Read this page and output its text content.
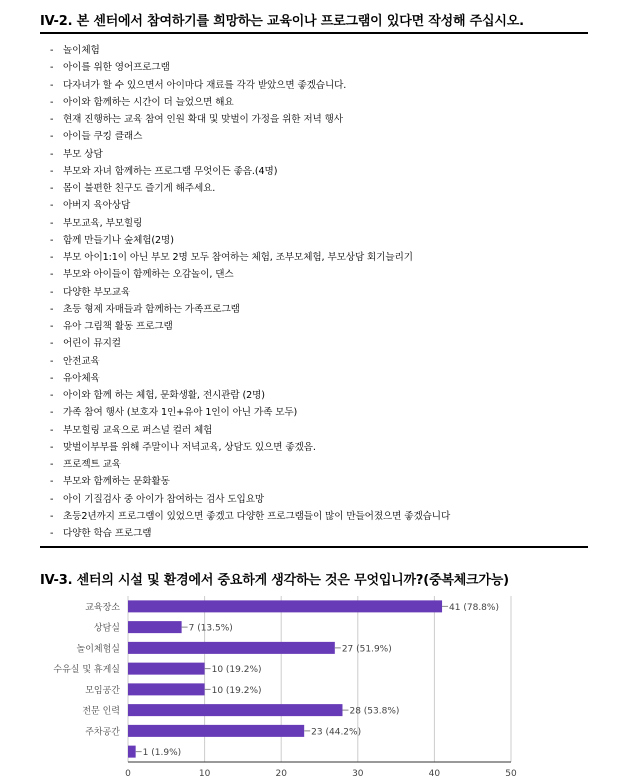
IV-2. 본 센터에서 참여하기를 희망하는 교육이나 프로그램이 있다면 작성해 주십시오.
- 놀이체험
- 아이를 위한 영어프로그램
- 다자녀가 할 수 있으면서 아이마다 재료를 각각 받았으면 좋겠습니다.
- 아이와 함께하는 시간이 더 늘었으면 해요
- 현재 진행하는 교육 참여 인원 확대 및 맞벌이 가정을 위한 저녁 행사
- 아이들 쿠킹 클래스
- 부모 상담
- 부모와 자녀 함께하는 프로그램 무엇이든 좋음.(4명)
- 몸이 불편한 친구도 즐기게 해주세요.
- 아버지 육아상담
- 부모교육, 부모힐링
- 함께 만들기나 숲체험(2명)
- 부모 아이1:1이 아닌 부모 2명 모두 참여하는 체험, 조부모체험, 부모상담 회기늘리기
- 부모와 아이들이 함께하는 오감놀이, 댄스
- 다양한 부모교육
- 초등 형제 자매들과 함께하는 가족프로그램
- 유아 그림책 활동 프로그램
- 어린이 뮤지컬
- 안전교육
- 유아체육
- 아이와 함께 하는 체험, 문화생활, 전시관람 (2명)
- 가족 참여 행사 (보호자 1인+유아 1인이 아닌 가족 모두)
- 부모힐링 교육으로 퍼스널 컬러 체험
- 맞벌이부부를 위해 주말이나 저녁교육, 상담도 있으면 좋겠음.
- 프로젝트 교육
- 부모와 함께하는 문화활동
- 아이 기질검사 중 아이가 참여하는 검사 도입요망
- 초등2년까지 프로그램이 있었으면 좋겠고 다양한 프로그램들이 많이 만들어졌으면 좋겠습니다
- 다양한 학습 프로그램
IV-3. 센터의 시설 및 환경에서 중요하게 생각하는 것은 무엇입니까?(중복체크가능)
0	10	20	30	40	50
41 (78.8%)
교육장소
7 (13.5%)
상담실
27 (51.9%)
놀이체험실
10 (19.2%)
수유실 및 휴게실
10 (19.2%)
모임공간
28 (53.8%)
전문 인력
23 (44.2%)
주차공간
1 (1.9%)
